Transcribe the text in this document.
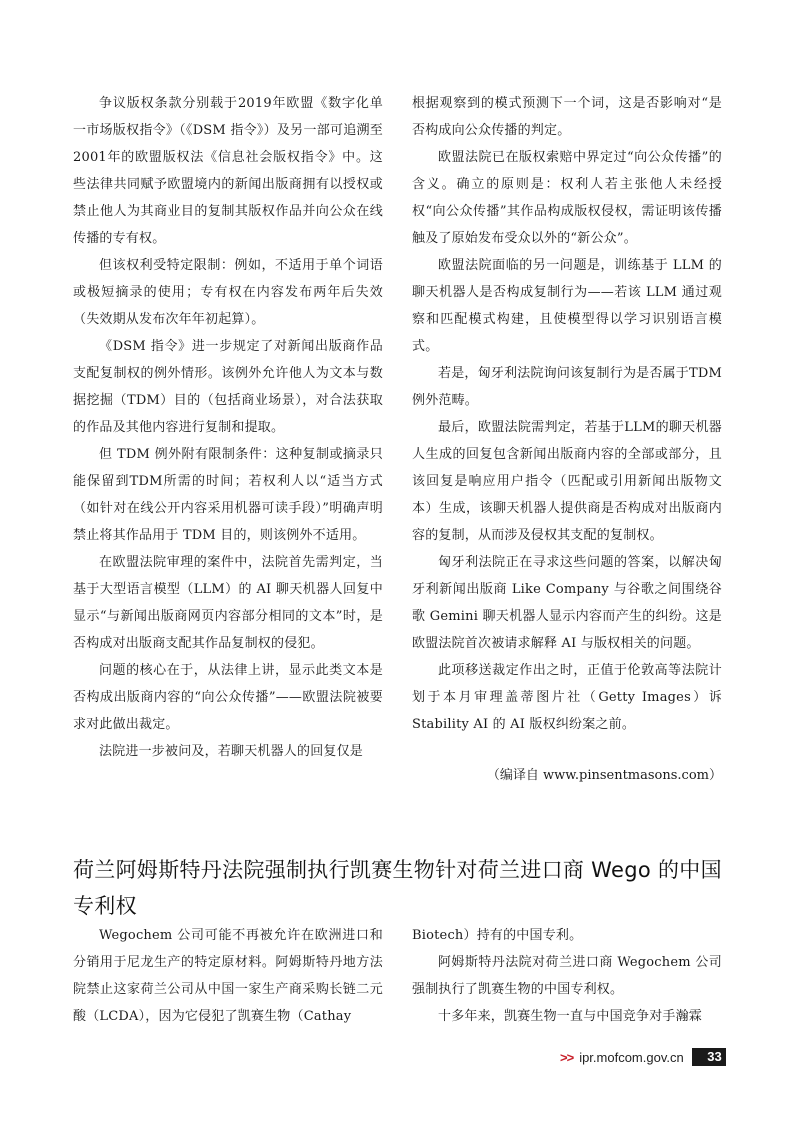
争议版权条款分别载于2019年欧盟《数字化单一市场版权指令》（《DSM 指令》）及另一部可追溯至2001年的欧盟版权法《信息社会版权指令》中。这些法律共同赋予欧盟境内的新闻出版商拥有以授权或禁止他人为其商业目的复制其版权作品并向公众在线传播的专有权。

但该权利受特定限制：例如，不适用于单个词语或极短摘录的使用；专有权在内容发布两年后失效（失效期从发布次年年初起算）。

《DSM 指令》进一步规定了对新闻出版商作品支配复制权的例外情形。该例外允许他人为文本与数据挖掘（TDM）目的（包括商业场景），对合法获取的作品及其他内容进行复制和提取。

但 TDM 例外附有限制条件：这种复制或摘录只能保留到TDM所需的时间；若权利人以“适当方式（如针对在线公开内容采用机器可读手段）”明确声明禁止将其作品用于 TDM 目的，则该例外不适用。

在欧盟法院审理的案件中，法院首先需判定，当基于大型语言模型（LLM）的 AI 聊天机器人回复中显示“与新闻出版商网页内容部分相同的文本”时，是否构成对出版商支配其作品复制权的侵犯。

问题的核心在于，从法律上讲，显示此类文本是否构成出版商内容的“向公众传播”——欧盟法院被要求对此做出裁定。

法院进一步被问及，若聊天机器人的回复仅是

根据观察到的模式预测下一个词，这是否影响对“是否构成向公众传播的判定。

欧盟法院已在版权索赔中界定过“向公众传播”的含义。确立的原则是：权利人若主张他人未经授权“向公众传播”其作品构成版权侵权，需证明该传播触及了原始发布受众以外的“新公众”。

欧盟法院面临的另一问题是，训练基于 LLM 的聊天机器人是否构成复制行为——若该 LLM 通过观察和匹配模式构建，且使模型得以学习识别语言模式。

若是，匈牙利法院询问该复制行为是否属于TDM 例外范畴。

最后，欧盟法院需判定，若基于LLM的聊天机器人生成的回复包含新闻出版商内容的全部或部分，且该回复是响应用户指令（匹配或引用新闻出版物文本）生成，该聊天机器人提供商是否构成对出版商内容的复制，从而涉及侵权其支配的复制权。

匈牙利法院正在寻求这些问题的答案，以解决匈牙利新闻出版商 Like Company 与谷歌之间围绕谷歌 Gemini 聊天机器人显示内容而产生的纠纷。这是欧盟法院首次被请求解释 AI 与版权相关的问题。

此项移送裁定作出之时，正值于伦敦高等法院计划于本月审理盖蒂图片社（Getty Images）诉Stability AI 的 AI 版权纠纷案之前。

（编译自 www.pinsentmasons.com）
荷兰阿姆斯特丹法院强制执行凯赛生物针对荷兰进口商 Wego 的中国专利权

Wegochem 公司可能不再被允许在欧洲进口和分销用于尼龙生产的特定原材料。阿姆斯特丹地方法院禁止这家荷兰公司从中国一家生产商采购长链二元酸（LCDA），因为它侵犯了凯赛生物（Cathay

Biotech）持有的中国专利。

阿姆斯特丹法院对荷兰进口商 Wegochem 公司强制执行了凯赛生物的中国专利权。

十多年来，凯赛生物一直与中国竞争对手瀚霖

>> ipr.mofcom.gov.cn	33
